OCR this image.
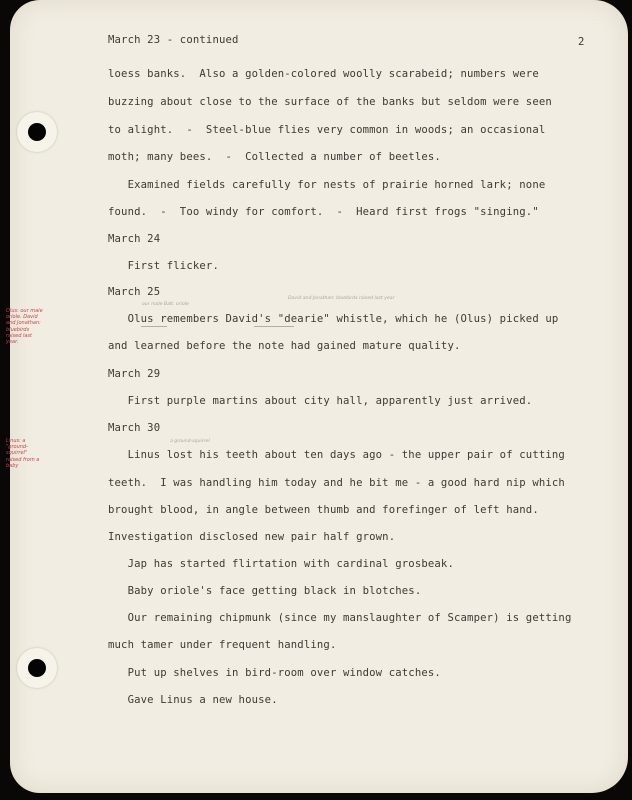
March 23 - continued	2
loess banks.  Also a golden-colored woolly scarabeid; numbers were
buzzing about close to the surface of the banks but seldom were seen
to alight.  -  Steel-blue flies very common in woods; an occasional
moth; many bees.  -  Collected a number of beetles.
Examined fields carefully for nests of prairie horned lark; none
found.  -  Too windy for comfort.  -  Heard first frogs "singing."
March 24
First flicker.
March 25
our male Balt. oriole
David and Jonathan: bluebirds raised last year
Olus remembers David's "dearie" whistle, which he (Olus) picked up
and learned before the note had gained mature quality.
March 29
First purple martins about city hall, apparently just arrived.
March 30
a ground-squirrel
Linus lost his teeth about ten days ago - the upper pair of cutting
teeth.  I was handling him today and he bit me - a good hard nip which
brought blood, in angle between thumb and forefinger of left hand.
Investigation disclosed new pair half grown.
Jap has started flirtation with cardinal grosbeak.
Baby oriole's face getting black in blotches.
Our remaining chipmunk (since my manslaughter of Scamper) is getting
much tamer under frequent handling.
Put up shelves in bird-room over window catches.
Gave Linus a new house.
Olus: our male oriole. David and Jonathan: bluebirds raised last year.
Linus: a "ground-squirrel" raised from a baby
